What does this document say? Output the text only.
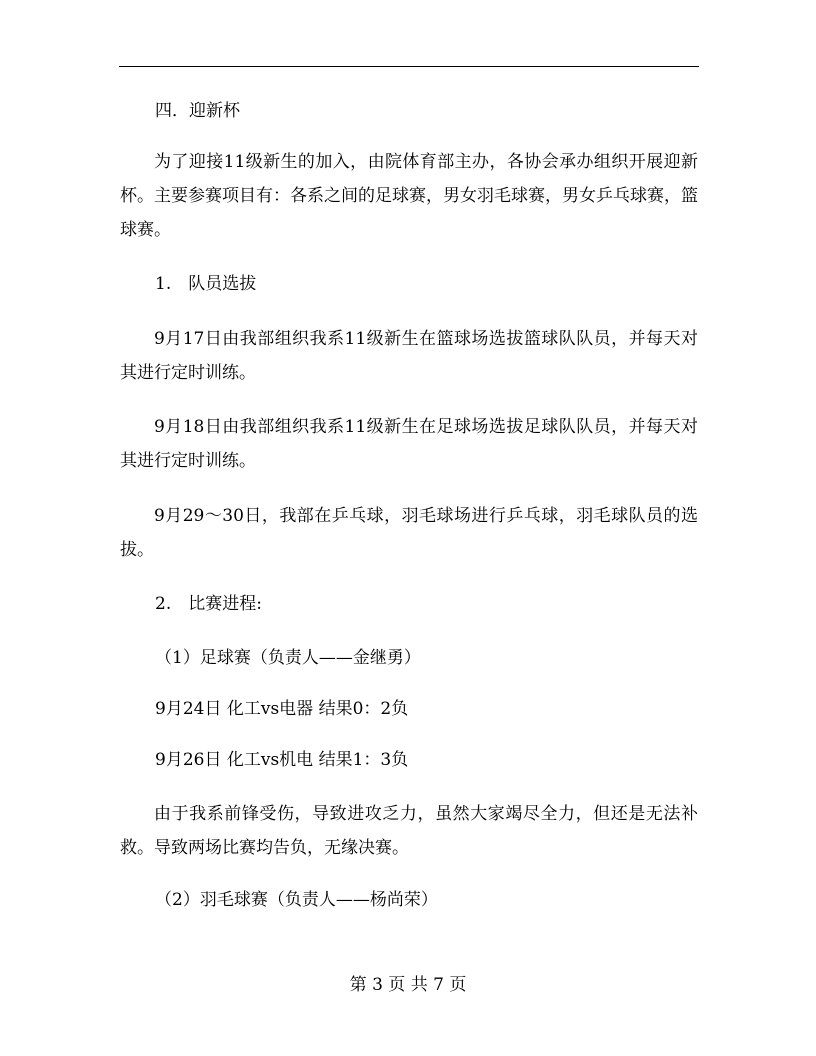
四．迎新杯

为了迎接11级新生的加入，由院体育部主办，各协会承办组织开展迎新杯。主要参赛项目有：各系之间的足球赛，男女羽毛球赛，男女乒乓球赛，篮球赛。

1.　队员选拔

9月17日由我部组织我系11级新生在篮球场选拔篮球队队员，并每天对其进行定时训练。

9月18日由我部组织我系11级新生在足球场选拔足球队队员，并每天对其进行定时训练。

9月29～30日，我部在乒乓球，羽毛球场进行乒乓球，羽毛球队员的选拔。

2.　比赛进程:

（1）足球赛（负责人——金继勇）

9月24日 化工vs电器 结果0：2负

9月26日 化工vs机电 结果1：3负

由于我系前锋受伤，导致进攻乏力，虽然大家竭尽全力，但还是无法补救。导致两场比赛均告负，无缘决赛。

（2）羽毛球赛（负责人——杨尚荣）

第 3 页 共 7 页
